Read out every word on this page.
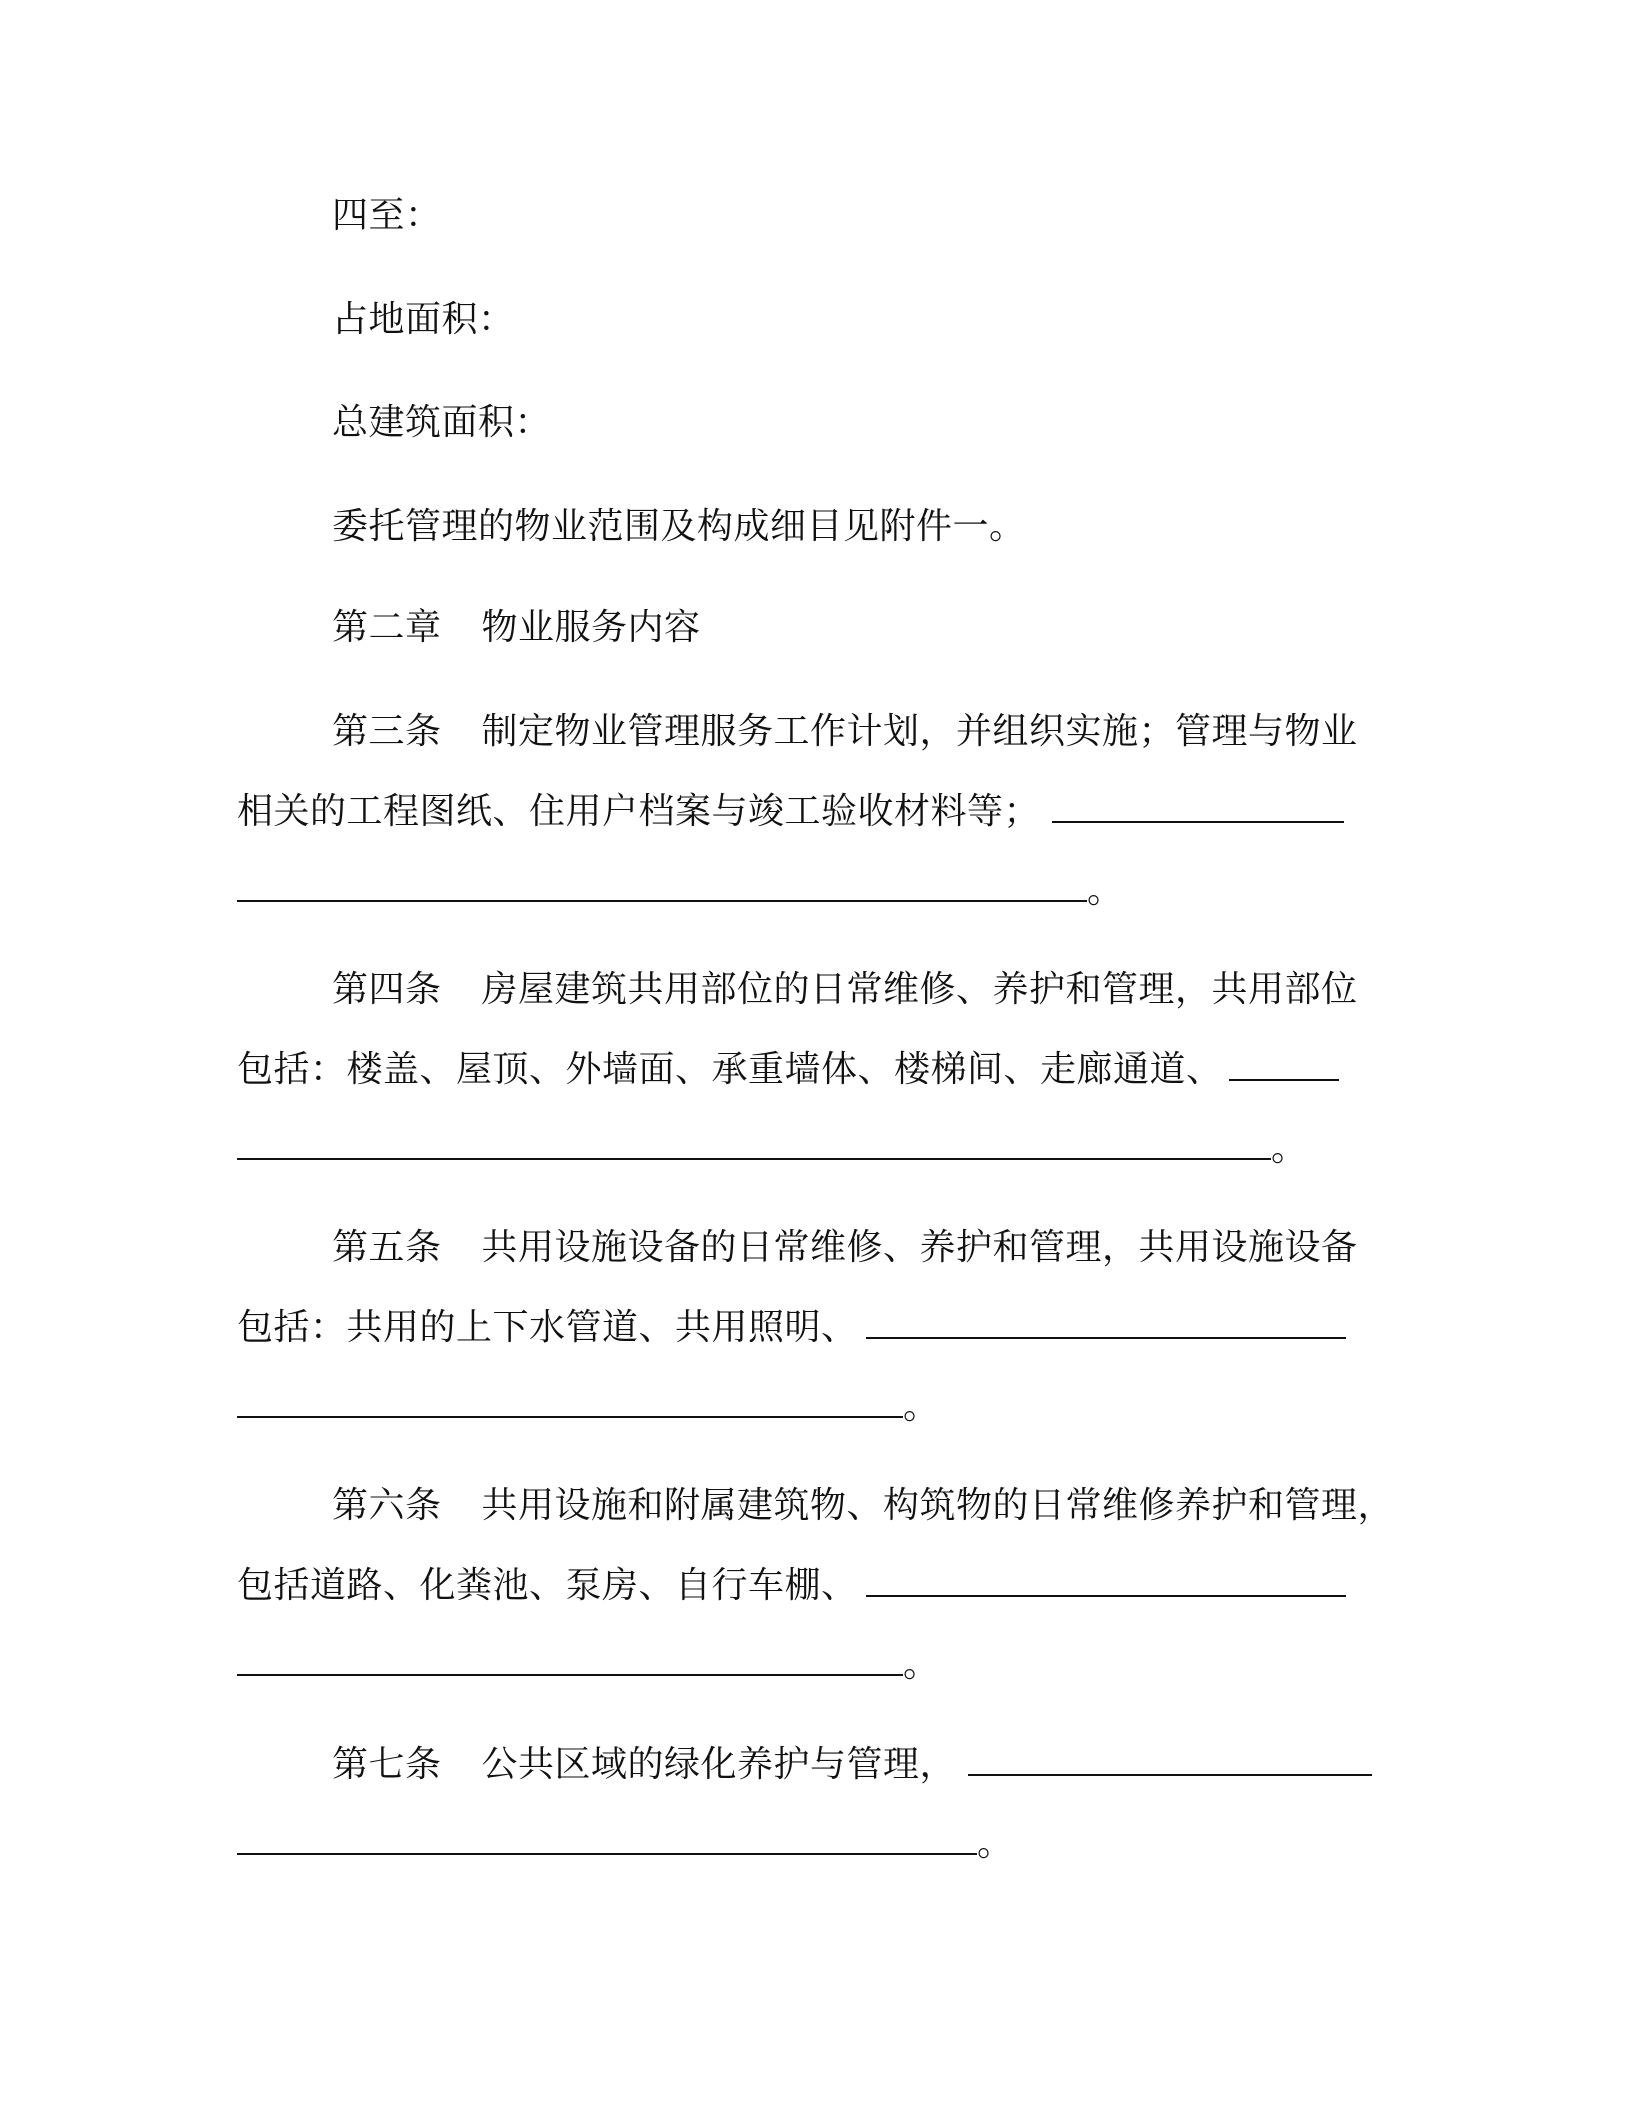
四至：
占地面积：
总建筑面积：
委托管理的物业范围及构成细目见附件一。
第二章 物业服务内容
第三条 制定物业管理服务工作计划，并组织实施；管理与物业
相关的工程图纸、住用户档案与竣工验收材料等；
。
第四条 房屋建筑共用部位的日常维修、养护和管理，共用部位
包括：楼盖、屋顶、外墙面、承重墙体、楼梯间、走廊通道、
。
第五条 共用设施设备的日常维修、养护和管理，共用设施设备
包括：共用的上下水管道、共用照明、
。
第六条 共用设施和附属建筑物、构筑物的日常维修养护和管理，
包括道路、化粪池、泵房、自行车棚、
。
第七条 公共区域的绿化养护与管理，
。
